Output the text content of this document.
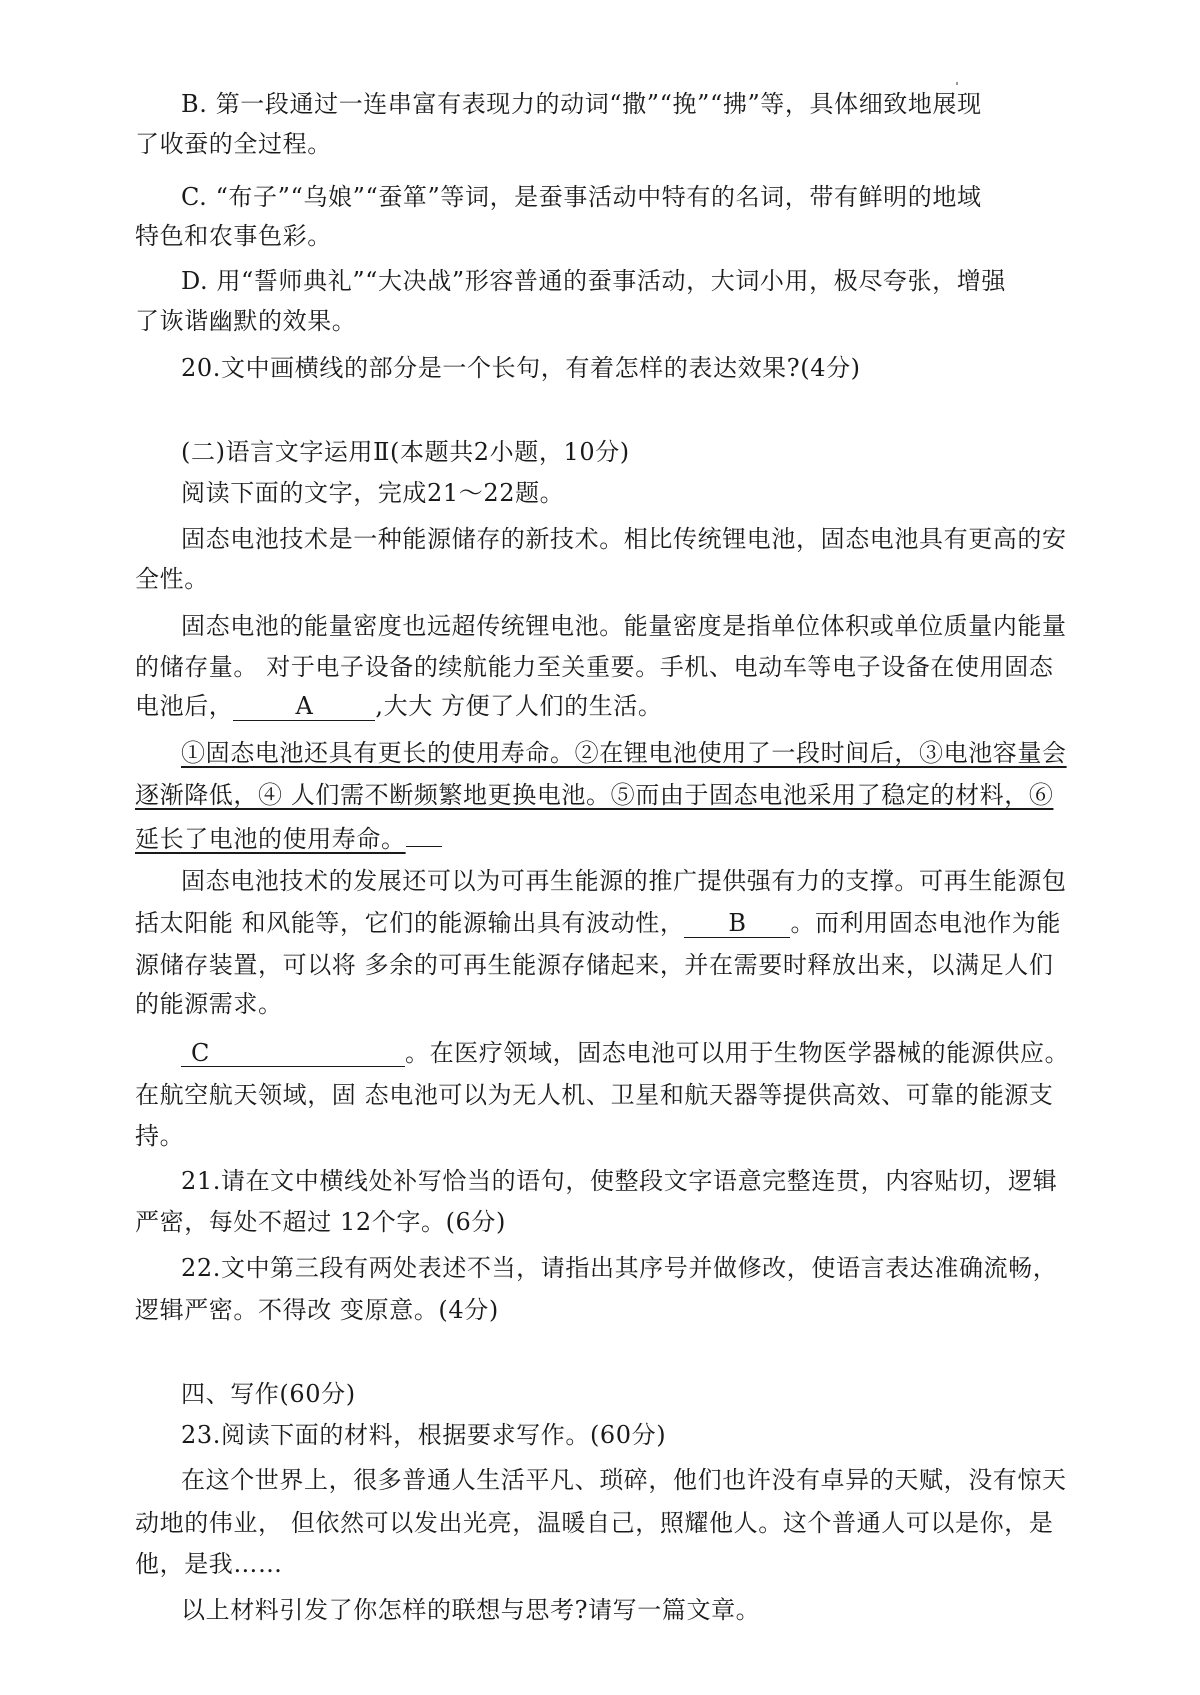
B. 第一段通过一连串富有表现力的动词“撒”“挽”“拂”等，具体细致地展现
了收蚕的全过程。
C. “布子”“乌娘”“蚕箪”等词，是蚕事活动中特有的名词，带有鲜明的地域
特色和农事色彩。
D. 用“誓师典礼”“大决战”形容普通的蚕事活动，大词小用，极尽夸张，增强
了诙谐幽默的效果。
20.文中画横线的部分是一个长句，有着怎样的表达效果?(4分)
(二)语言文字运用Ⅱ(本题共2小题，10分)
阅读下面的文字，完成21～22题。
固态电池技术是一种能源储存的新技术。相比传统锂电池，固态电池具有更高的安
全性。
固态电池的能量密度也远超传统锂电池。能量密度是指单位体积或单位质量内能量
的储存量。 对于电子设备的续航能力至关重要。手机、电动车等电子设备在使用固态
电池后，	A	,大大 方便了人们的生活。
①固态电池还具有更长的使用寿命。②在锂电池使用了一段时间后，③电池容量会
逐渐降低，④ 人们需不断频繁地更换电池。⑤而由于固态电池采用了稳定的材料，⑥
延长了电池的使用寿命。
固态电池技术的发展还可以为可再生能源的推广提供强有力的支撑。可再生能源包
括太阳能 和风能等，它们的能源输出具有波动性， B 。而利用固态电池作为能
源储存装置，可以将 多余的可再生能源存储起来，并在需要时释放出来，以满足人们
的能源需求。
C	。在医疗领域，固态电池可以用于生物医学器械的能源供应。
在航空航天领域，固 态电池可以为无人机、卫星和航天器等提供高效、可靠的能源支
持。
21.请在文中横线处补写恰当的语句，使整段文字语意完整连贯，内容贴切，逻辑
严密，每处不超过 12个字。(6分)
22.文中第三段有两处表述不当，请指出其序号并做修改，使语言表达准确流畅，
逻辑严密。不得改 变原意。(4分)
四、写作(60分)
23.阅读下面的材料，根据要求写作。(60分)
在这个世界上，很多普通人生活平凡、琐碎，他们也许没有卓异的天赋，没有惊天
动地的伟业， 但依然可以发出光亮，温暖自己，照耀他人。这个普通人可以是你，是
他，是我……
以上材料引发了你怎样的联想与思考?请写一篇文章。
